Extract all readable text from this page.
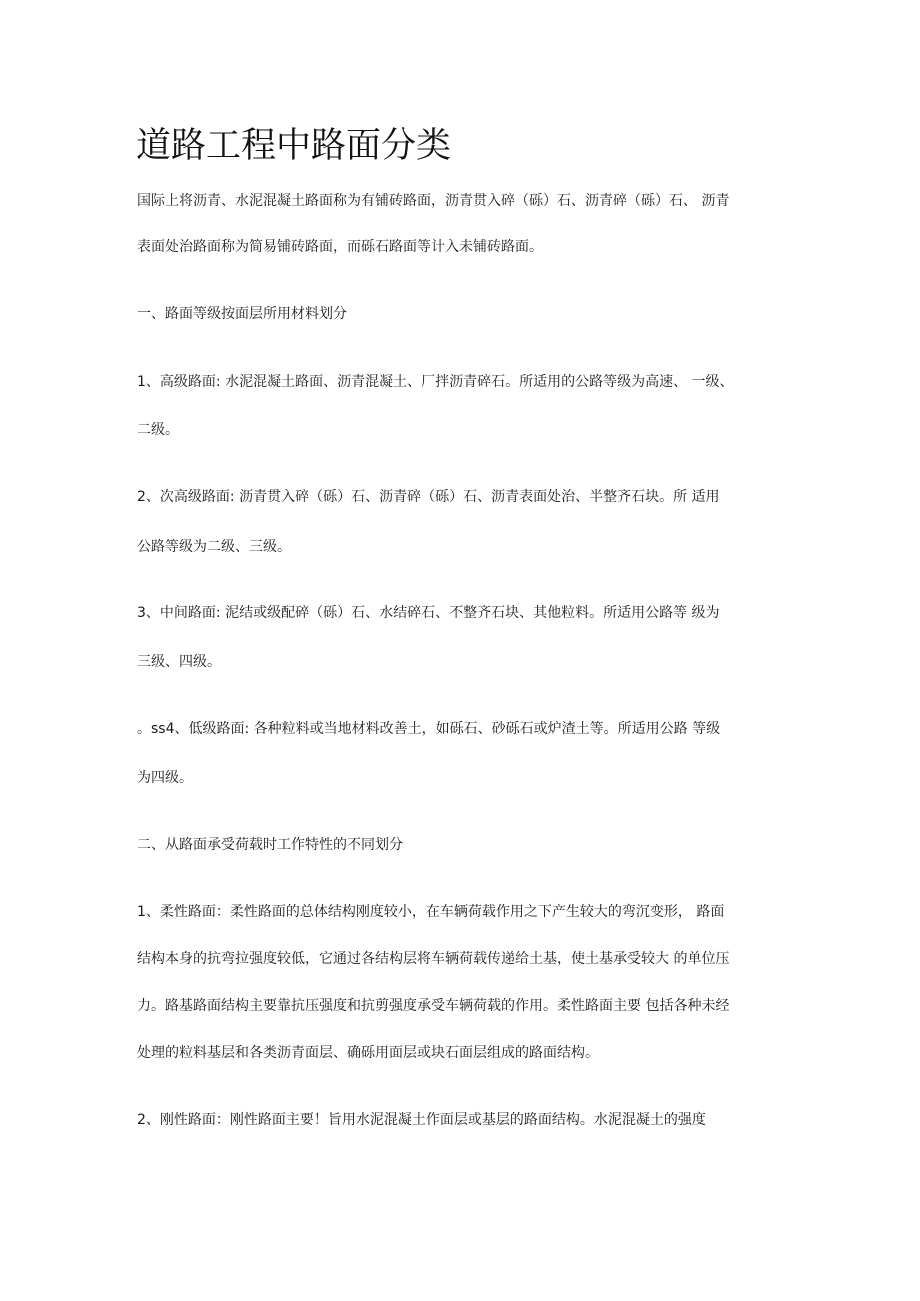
道路工程中路面分类
国际上将沥青、水泥混凝土路面称为有铺砖路面，沥青贯入碎（砾）石、沥青碎（砾）石、 沥青
表面处治路面称为简易铺砖路面，而砾石路面等计入未铺砖路面。
一、路面等级按面层所用材料划分
1、高级路面: 水泥混凝土路面、沥青混凝土、厂拌沥青碎石。所适用的公路等级为高速、 一级、
二级。
2、次高级路面: 沥青贯入碎（砾）石、沥青碎（砾）石、沥青表面处治、半整齐石块。所 适用
公路等级为二级、三级。
3、中间路面: 泥结或级配碎（砾）石、水结碎石、不整齐石块、其他粒料。所适用公路等 级为
三级、四级。
。ss4、低级路面: 各种粒料或当地材料改善土，如砾石、砂砾石或炉渣土等。所适用公路 等级
为四级。
二、从路面承受荷载时工作特性的不同划分
1、柔性路面：柔性路面的总体结构刚度较小，在车辆荷载作用之下产生较大的弯沉变形， 路面
结构本身的抗弯拉强度较低，它通过各结构层将车辆荷载传递给土基，使土基承受较大 的单位压
力。路基路面结构主要靠抗压强度和抗剪强度承受车辆荷载的作用。柔性路面主要 包括各种未经
处理的粒料基层和各类沥青面层、确砾用面层或块石面层组成的路面结构。
2、刚性路面：刚性路面主要！旨用水泥混凝土作面层或基层的路面结构。水泥混凝土的强度
